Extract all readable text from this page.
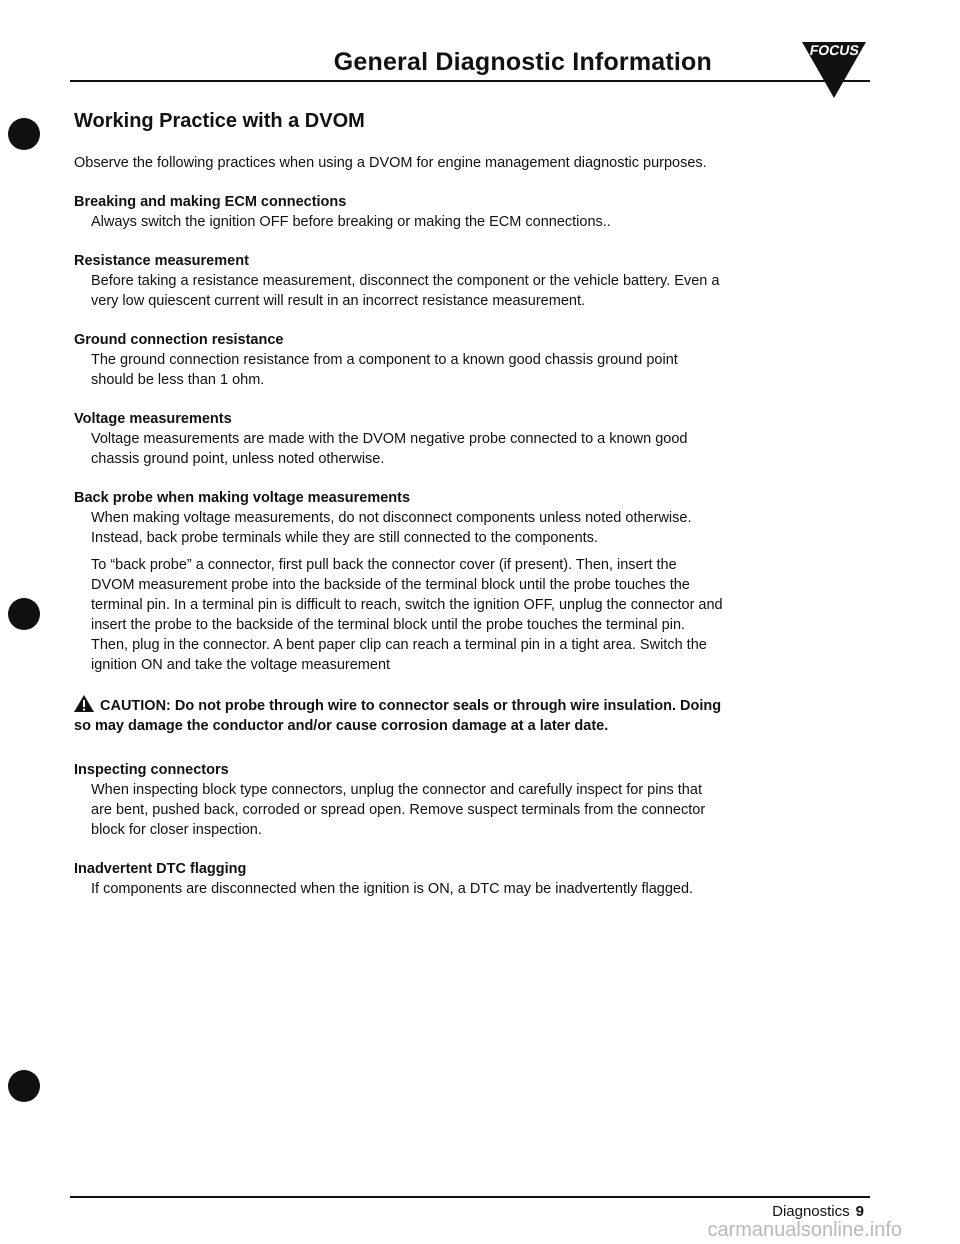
General Diagnostic Information	FOCUS
Working Practice with a DVOM

Observe the following practices when using a DVOM for engine management diagnostic purposes.

Breaking and making ECM connections

Always switch the ignition OFF before breaking or making the ECM connections..

Resistance measurement

Before taking a resistance measurement, disconnect the component or the vehicle battery. Even a very low quiescent current will result in an incorrect resistance measurement.

Ground connection resistance

The ground connection resistance from a component to a known good chassis ground point should be less than 1 ohm.

Voltage measurements

Voltage measurements are made with the DVOM negative probe connected to a known good chassis ground point, unless noted otherwise.

Back probe when making voltage measurements

When making voltage measurements, do not disconnect components unless noted otherwise. Instead, back probe terminals while they are still connected to the components.

To “back probe” a connector, first pull back the connector cover (if present). Then, insert the DVOM measurement probe into the backside of the terminal block until the probe touches the terminal pin. In a terminal pin is difficult to reach, switch the ignition OFF, unplug the connector and insert the probe to the backside of the terminal block until the probe touches the terminal pin. Then, plug in the connector. A bent paper clip can reach a terminal pin in a tight area. Switch the ignition ON and take the voltage measurement

CAUTION: Do not probe through wire to connector seals or through wire insulation. Doing so may damage the conductor and/or cause corrosion damage at a later date.
Inspecting connectors

When inspecting block type connectors, unplug the connector and carefully inspect for pins that are bent, pushed back, corroded or spread open. Remove suspect terminals from the connector block for closer inspection.

Inadvertent DTC flagging

If components are disconnected when the ignition is ON, a DTC may be inadvertently flagged.

Diagnostics 9
carmanualsonline.info
